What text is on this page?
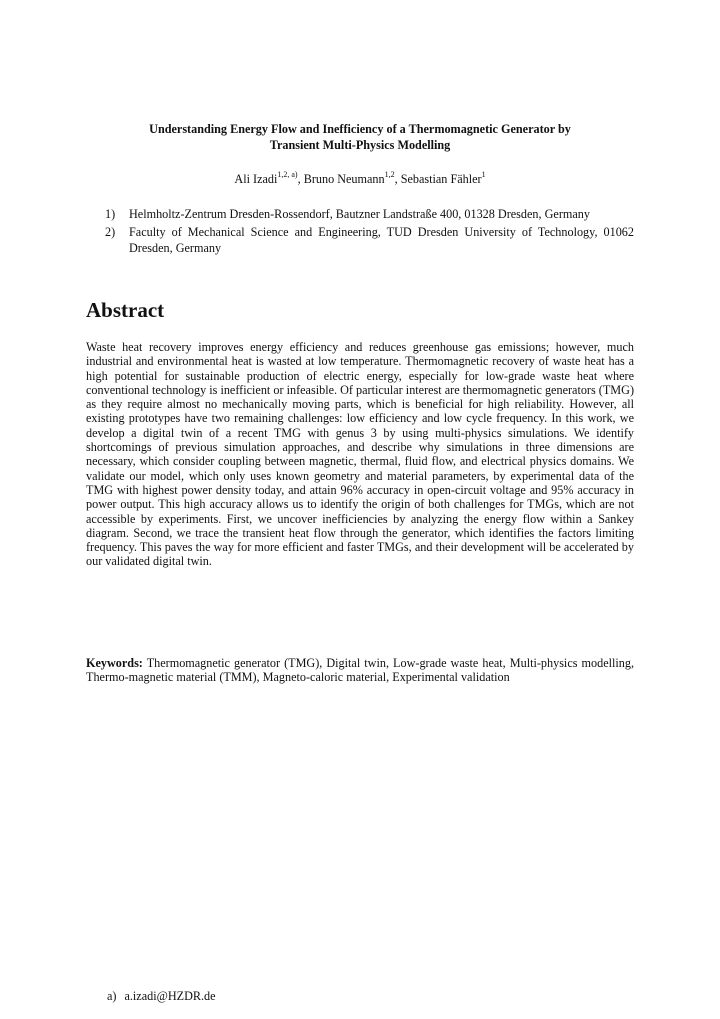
Understanding Energy Flow and Inefficiency of a Thermomagnetic Generator by
Transient Multi-Physics Modelling
Ali Izadi$^{1,2, a)}$, Bruno Neumann$^{1,2}$, Sebastian Fähler$^1$
1) Helmholtz-Zentrum Dresden-Rossendorf, Bautzner Landstraße 400, 01328 Dresden, Germany
2) Faculty of Mechanical Science and Engineering, TUD Dresden University of Technology, 01062 Dresden, Germany
Abstract

Waste heat recovery improves energy efficiency and reduces greenhouse gas emissions; however, much industrial and environmental heat is wasted at low temperature. Thermomagnetic recovery of waste heat has a high potential for sustainable production of electric energy, especially for low-grade waste heat where conventional technology is inefficient or infeasible. Of particular interest are thermomagnetic generators (TMG) as they require almost no mechanically moving parts, which is beneficial for high reliability. However, all existing prototypes have two remaining challenges: low efficiency and low cycle frequency. In this work, we develop a digital twin of a recent TMG with genus 3 by using multi-physics simulations. We identify shortcomings of previous simulation approaches, and describe why simulations in three dimensions are necessary, which consider coupling between magnetic, thermal, fluid flow, and electrical physics domains. We validate our model, which only uses known geometry and material parameters, by experimental data of the TMG with highest power density today, and attain 96% accuracy in open-circuit voltage and 95% accuracy in power output. This high accuracy allows us to identify the origin of both challenges for TMGs, which are not accessible by experiments. First, we uncover inefficiencies by analyzing the energy flow within a Sankey diagram. Second, we trace the transient heat flow through the generator, which identifies the factors limiting frequency. This paves the way for more efficient and faster TMGs, and their development will be accelerated by our validated digital twin.

Keywords: Thermomagnetic generator (TMG), Digital twin, Low-grade waste heat, Multi-physics modelling, Thermo-magnetic material (TMM), Magneto-caloric material, Experimental validation

a) a.izadi@HZDR.de
